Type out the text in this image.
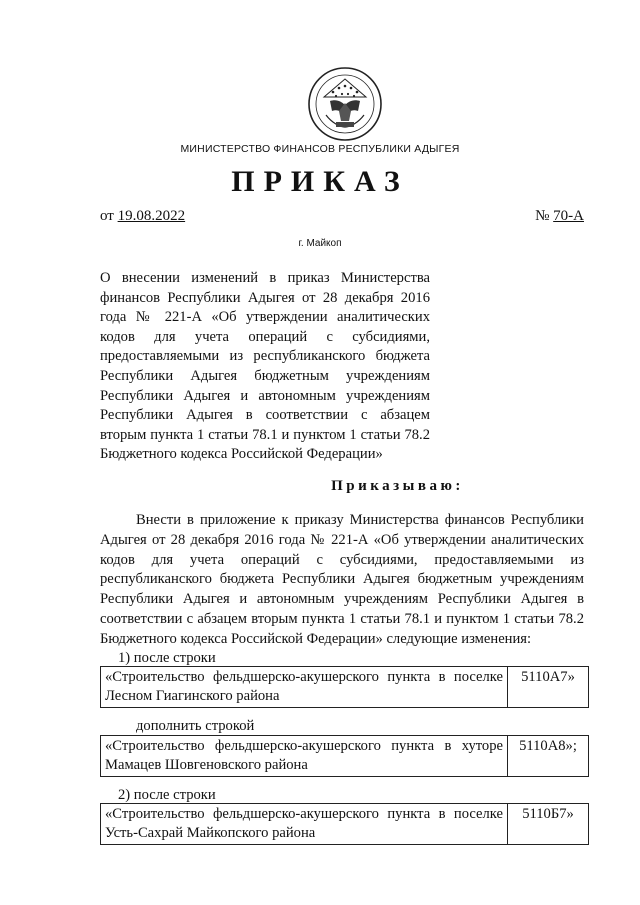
МИНИСТЕРСТВО ФИНАНСОВ РЕСПУБЛИКИ АДЫГЕЯ
ПРИКАЗ
от 19.08.2022	№ 70-А
г. Майкоп
О внесении изменений в приказ Министерства финансов Республики Адыгея от 28 декабря 2016 года № 221-А «Об утверждении аналитических кодов для учета операций с субсидиями, предоставляемыми из республиканского бюджета Республики Адыгея бюджетным учреждениям Республики Адыгея и автономным учреждениям Республики Адыгея в соответствии с абзацем вторым пункта 1 статьи 78.1 и пунктом 1 статьи 78.2 Бюджетного кодекса Российской Федерации»
Приказываю:
Внести в приложение к приказу Министерства финансов Республики Адыгея от 28 декабря 2016 года № 221-А «Об утверждении аналитических кодов для учета операций с субсидиями, предоставляемыми из республиканского бюджета Республики Адыгея бюджетным учреждениям Республики Адыгея и автономным учреждениям Республики Адыгея в соответствии с абзацем вторым пункта 1 статьи 78.1 и пунктом 1 статьи 78.2 Бюджетного кодекса Российской Федерации» следующие изменения:
1) после строки
«Строительство фельдшерско-акушерского пункта в поселке Лесном Гиагинского района	5110А7»
дополнить строкой
«Строительство фельдшерско-акушерского пункта в хуторе Мамацев Шовгеновского района	5110А8»;
2) после строки
«Строительство фельдшерско-акушерского пункта в поселке Усть-Сахрай Майкопского района	5110Б7»
